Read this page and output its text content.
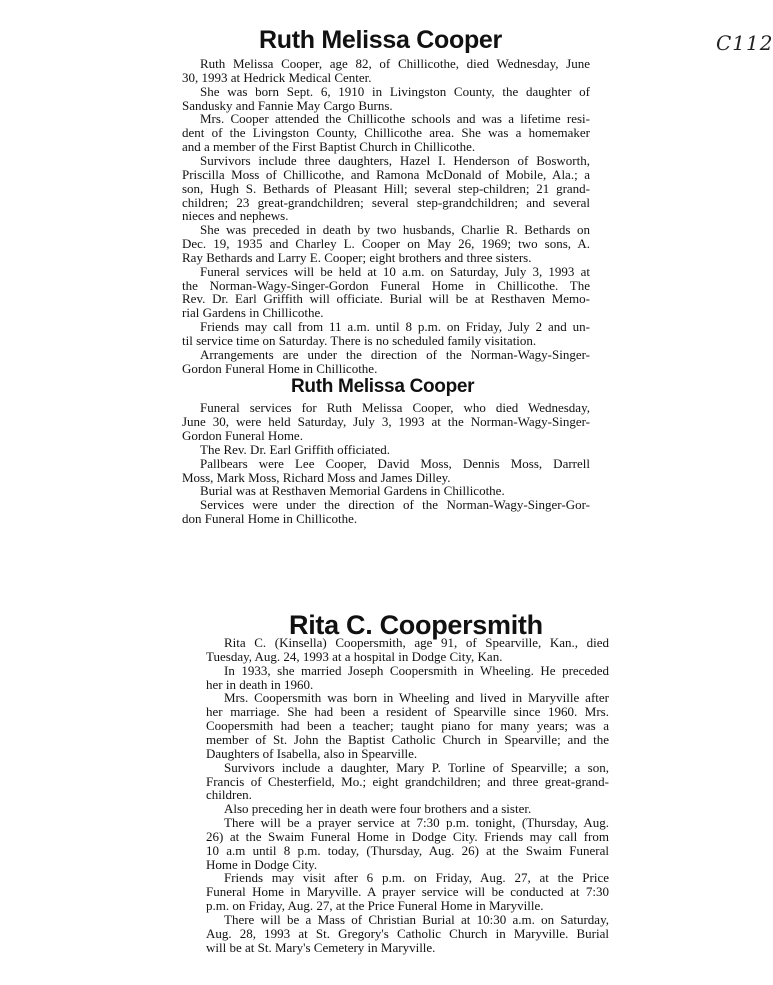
C112
Ruth Melissa Cooper
Ruth Melissa Cooper, age 82, of Chillicothe, died Wednesday, June
30, 1993 at Hedrick Medical Center.
She was born Sept. 6, 1910 in Livingston County, the daughter of
Sandusky and Fannie May Cargo Burns.
Mrs. Cooper attended the Chillicothe schools and was a lifetime resi-
dent of the Livingston County, Chillicothe area. She was a homemaker
and a member of the First Baptist Church in Chillicothe.
Survivors include three daughters, Hazel I. Henderson of Bosworth,
Priscilla Moss of Chillicothe, and Ramona McDonald of Mobile, Ala.; a
son, Hugh S. Bethards of Pleasant Hill; several step-children; 21 grand-
children; 23 great-grandchildren; several step-grandchildren; and several
nieces and nephews.
She was preceded in death by two husbands, Charlie R. Bethards on
Dec. 19, 1935 and Charley L. Cooper on May 26, 1969; two sons, A.
Ray Bethards and Larry E. Cooper; eight brothers and three sisters.
Funeral services will be held at 10 a.m. on Saturday, July 3, 1993 at
the Norman-Wagy-Singer-Gordon Funeral Home in Chillicothe. The
Rev. Dr. Earl Griffith will officiate. Burial will be at Resthaven Memo-
rial Gardens in Chillicothe.
Friends may call from 11 a.m. until 8 p.m. on Friday, July 2 and un-
til service time on Saturday. There is no scheduled family visitation.
Arrangements are under the direction of the Norman-Wagy-Singer-
Gordon Funeral Home in Chillicothe.
Ruth Melissa Cooper
Funeral services for Ruth Melissa Cooper, who died Wednesday,
June 30, were held Saturday, July 3, 1993 at the Norman-Wagy-Singer-
Gordon Funeral Home.
The Rev. Dr. Earl Griffith officiated.
Pallbears were Lee Cooper, David Moss, Dennis Moss, Darrell
Moss, Mark Moss, Richard Moss and James Dilley.
Burial was at Resthaven Memorial Gardens in Chillicothe.
Services were under the direction of the Norman-Wagy-Singer-Gor-
don Funeral Home in Chillicothe.
Rita C. Coopersmith
Rita C. (Kinsella) Coopersmith, age 91, of Spearville, Kan., died
Tuesday, Aug. 24, 1993 at a hospital in Dodge City, Kan.
In 1933, she married Joseph Coopersmith in Wheeling. He preceded
her in death in 1960.
Mrs. Coopersmith was born in Wheeling and lived in Maryville after
her marriage. She had been a resident of Spearville since 1960. Mrs.
Coopersmith had been a teacher; taught piano for many years; was a
member of St. John the Baptist Catholic Church in Spearville; and the
Daughters of Isabella, also in Spearville.
Survivors include a daughter, Mary P. Torline of Spearville; a son,
Francis of Chesterfield, Mo.; eight grandchildren; and three great-grand-
children.
Also preceding her in death were four brothers and a sister.
There will be a prayer service at 7:30 p.m. tonight, (Thursday, Aug.
26) at the Swaim Funeral Home in Dodge City. Friends may call from
10 a.m until 8 p.m. today, (Thursday, Aug. 26) at the Swaim Funeral
Home in Dodge City.
Friends may visit after 6 p.m. on Friday, Aug. 27, at the Price
Funeral Home in Maryville. A prayer service will be conducted at 7:30
p.m. on Friday, Aug. 27, at the Price Funeral Home in Maryville.
There will be a Mass of Christian Burial at 10:30 a.m. on Saturday,
Aug. 28, 1993 at St. Gregory's Catholic Church in Maryville. Burial
will be at St. Mary's Cemetery in Maryville.
